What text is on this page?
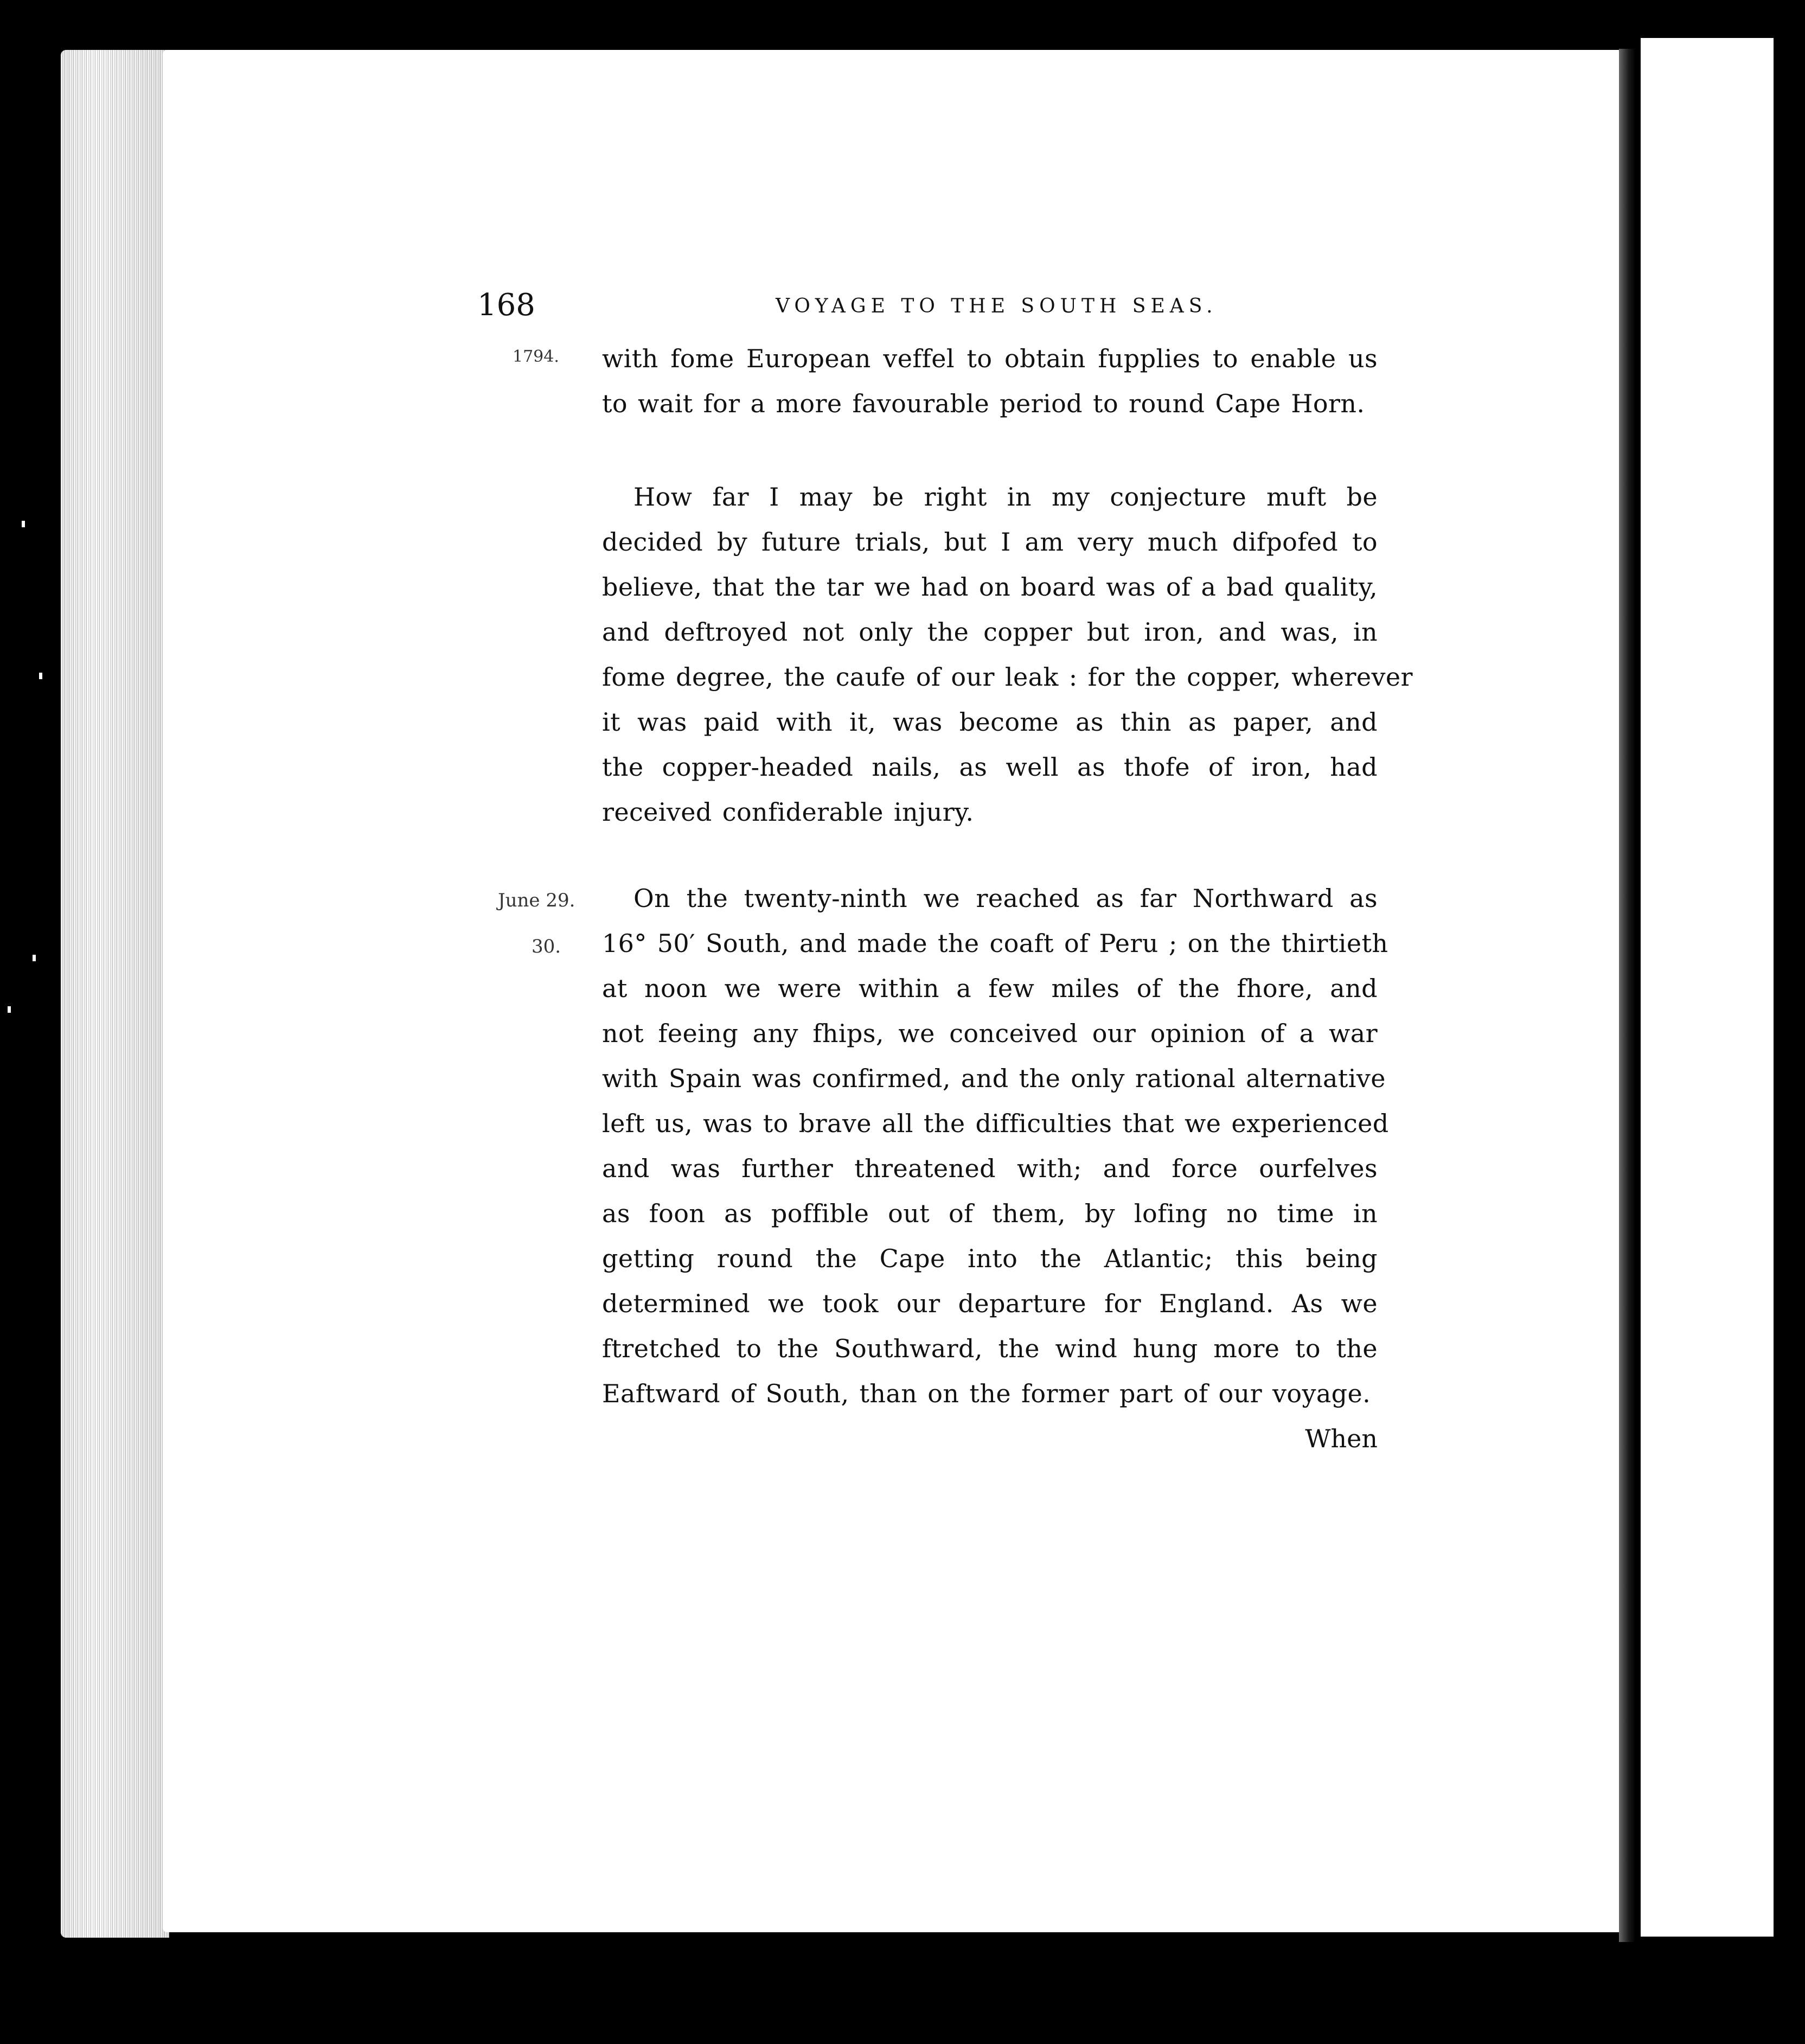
168	VOYAGE TO THE SOUTH SEAS.
1794.
June 29.
30.
with fome European veffel to obtain fupplies to enable us
to wait for a more favourable period to round Cape Horn.
How far I may be right in my conjecture muft be
decided by future trials, but I am very much difpofed to
believe, that the tar we had on board was of a bad quality,
and deftroyed not only the copper but iron, and was, in
fome degree, the caufe of our leak : for the copper, wherever
it was paid with it, was become as thin as paper, and
the copper-headed nails, as well as thofe of iron, had
received confiderable injury.
On the twenty-ninth we reached as far Northward as
16° 50′ South, and made the coaft of Peru ; on the thirtieth
at noon we were within a few miles of the fhore, and
not feeing any fhips, we conceived our opinion of a war
with Spain was confirmed, and the only rational alternative
left us, was to brave all the difficulties that we experienced
and was further threatened with; and force ourfelves
as foon as poffible out of them, by lofing no time in
getting round the Cape into the Atlantic; this being
determined we took our departure for England. As we
ftretched to the Southward, the wind hung more to the
Eaftward of South, than on the former part of our voyage.
When
